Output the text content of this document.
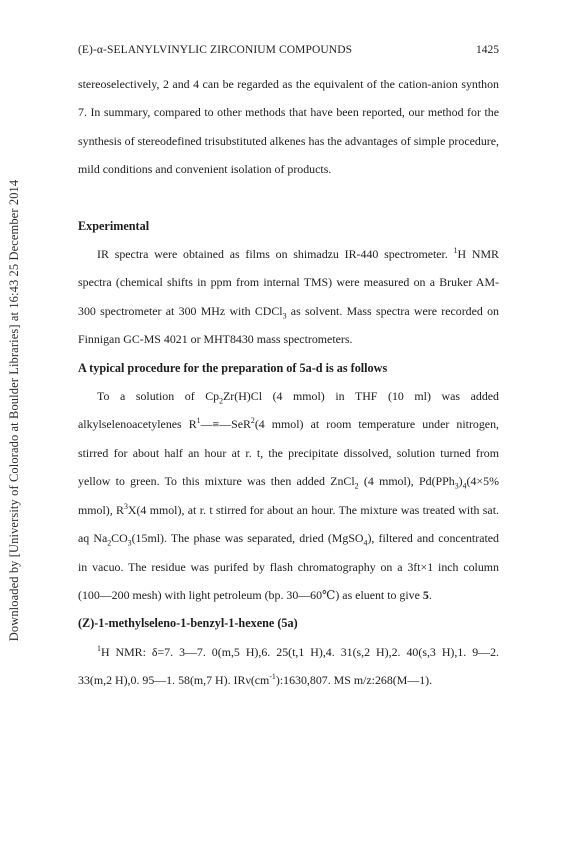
Downloaded by [University of Colorado at Boulder Libraries] at 16:43 25 December 2014
(E)-α-SELANYLVINYLIC ZIRCONIUM COMPOUNDS	1425

stereoselectively, 2 and 4 can be regarded as the equivalent of the cation-anion synthon 7. In summary, compared to other methods that have been reported, our method for the synthesis of stereodefined trisubstituted alkenes has the advantages of simple procedure, mild conditions and convenient isolation of products.

Experimental

IR spectra were obtained as films on shimadzu IR-440 spectrometer. $^1$H NMR spectra (chemical shifts in ppm from internal TMS) were measured on a Bruker AM-300 spectrometer at 300 MHz with CDCl$_3$ as solvent. Mass spectra were recorded on Finnigan GC-MS 4021 or MHT8430 mass spectrometers.

A typical procedure for the preparation of 5a-d is as follows

To a solution of $Cp_2Zr(H)Cl$ (4 mmol) in THF (10 ml) was added alkylselenoacetylenes $R^1—\equiv—SeR^2(4$ mmol) at room temperature under nitrogen, stirred for about half an hour at r. t, the precipitate dissolved, solution turned from yellow to green. To this mixture was then added ZnCl$_2$ (4 mmol), $Pd(PPh_3)_4(4\times 5\%$ mmol), $R^3X(4$ mmol), at r. t stirred for about an hour. The mixture was treated with sat. aq $Na_2CO_3(15ml)$. The phase was separated, dried (MgSO$_4$), filtered and concentrated in vacuo. The residue was purifed by flash chromatography on a 3ft×1 inch column (100—200 mesh) with light petroleum (bp. 30—60℃) as eluent to give 5.

(Z)-1-methylseleno-1-benzyl-1-hexene (5a)

$^1$H NMR: δ=7. 3—7. 0(m,5 H),6. 25(t,1 H),4. 31(s,2 H),2. 40(s,3 H),1. 9—2. 33(m,2 H),0. 95—1. 58(m,7 H). $IR\nu(cm^{-1}):1630,807$. MS m/z:268(M—1).
